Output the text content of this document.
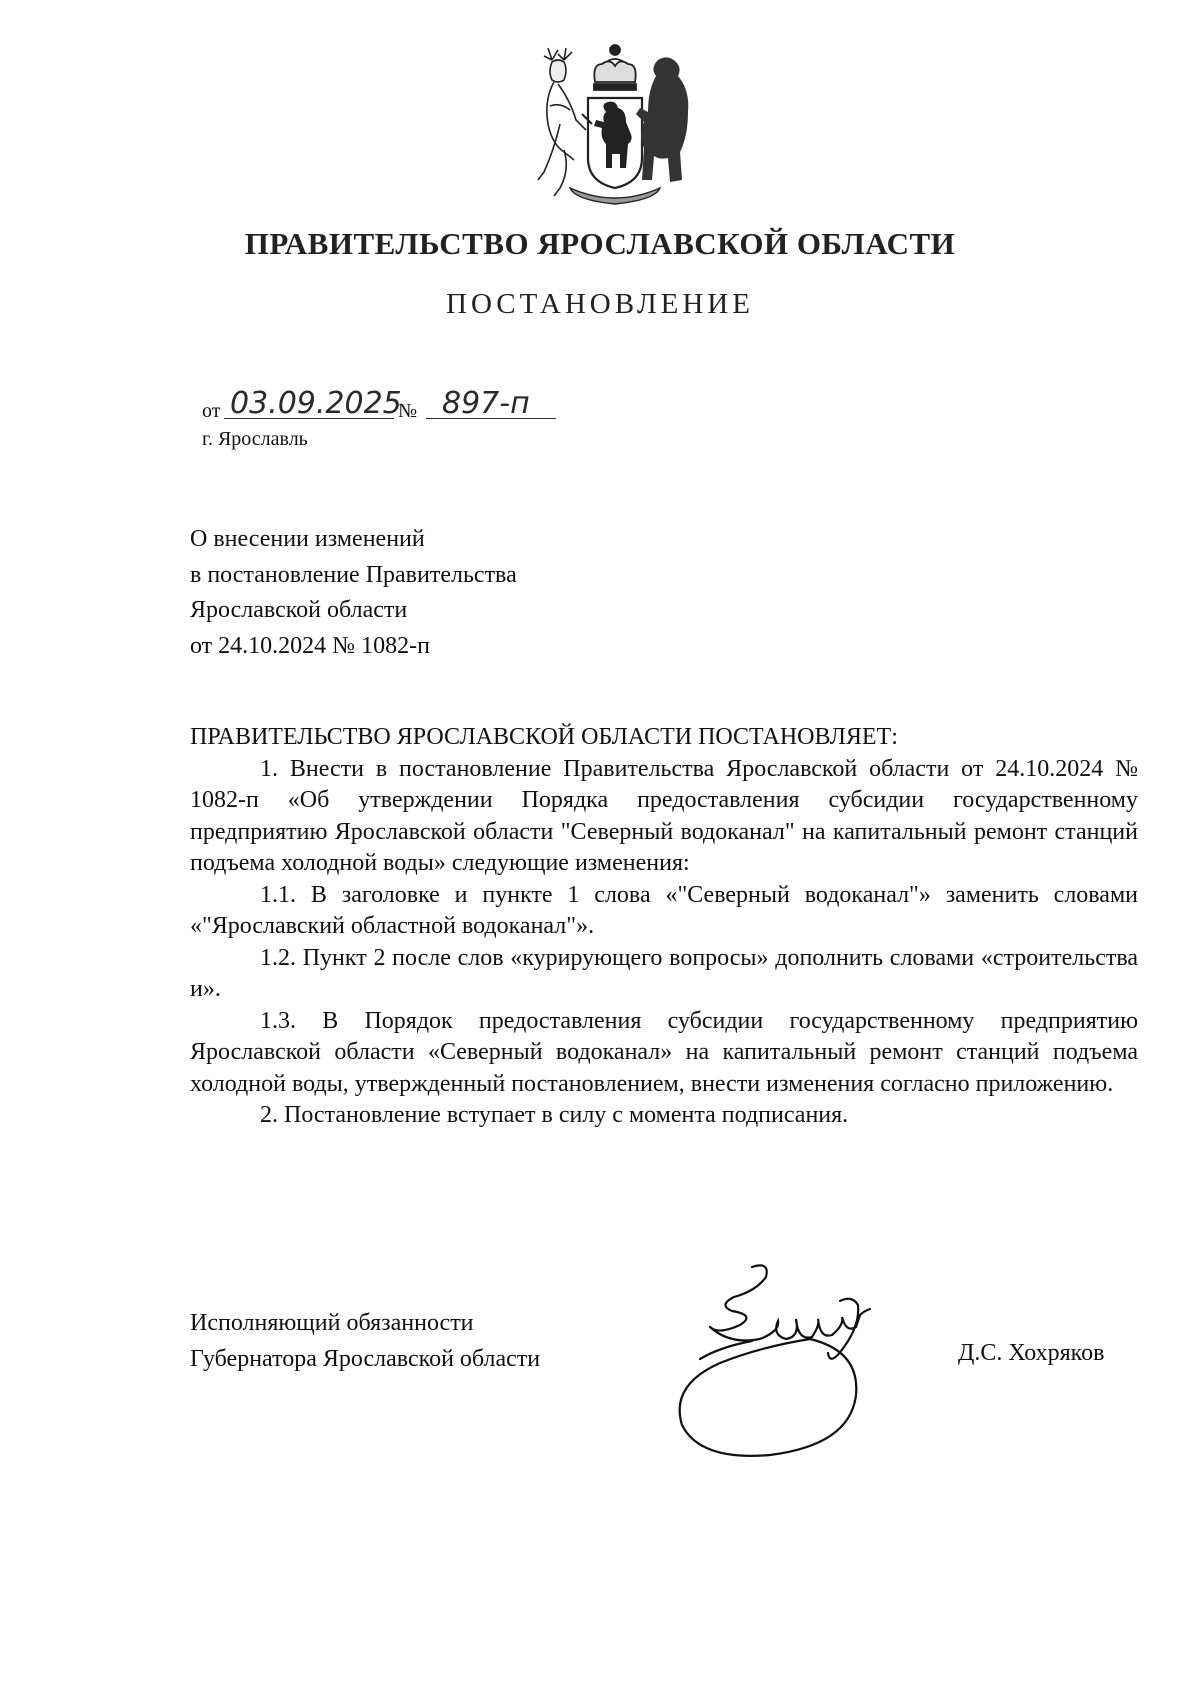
ПРАВИТЕЛЬСТВО ЯРОСЛАВСКОЙ ОБЛАСТИ
ПОСТАНОВЛЕНИЕ
от 03.09.2025
№ 897-п
г. Ярославль
О внесении изменений
в постановление Правительства
Ярославской области
от 24.10.2024 № 1082-п

ПРАВИТЕЛЬСТВО ЯРОСЛАВСКОЙ ОБЛАСТИ ПОСТАНОВЛЯЕТ:

1. Внести в постановление Правительства Ярославской области от 24.10.2024 № 1082-п «Об утверждении Порядка предоставления субсидии государственному предприятию Ярославской области "Северный водоканал" на капитальный ремонт станций подъема холодной воды» следующие изменения:

1.1. В заголовке и пункте 1 слова «"Северный водоканал"» заменить словами «"Ярославский областной водоканал"».

1.2. Пункт 2 после слов «курирующего вопросы» дополнить словами «строительства и».

1.3. В Порядок предоставления субсидии государственному предприятию Ярославской области «Северный водоканал» на капитальный ремонт станций подъема холодной воды, утвержденный постановлением, внести изменения согласно приложению.

2. Постановление вступает в силу с момента подписания.

Исполняющий обязанности
Губернатора Ярославской области	Д.С. Хохряков
